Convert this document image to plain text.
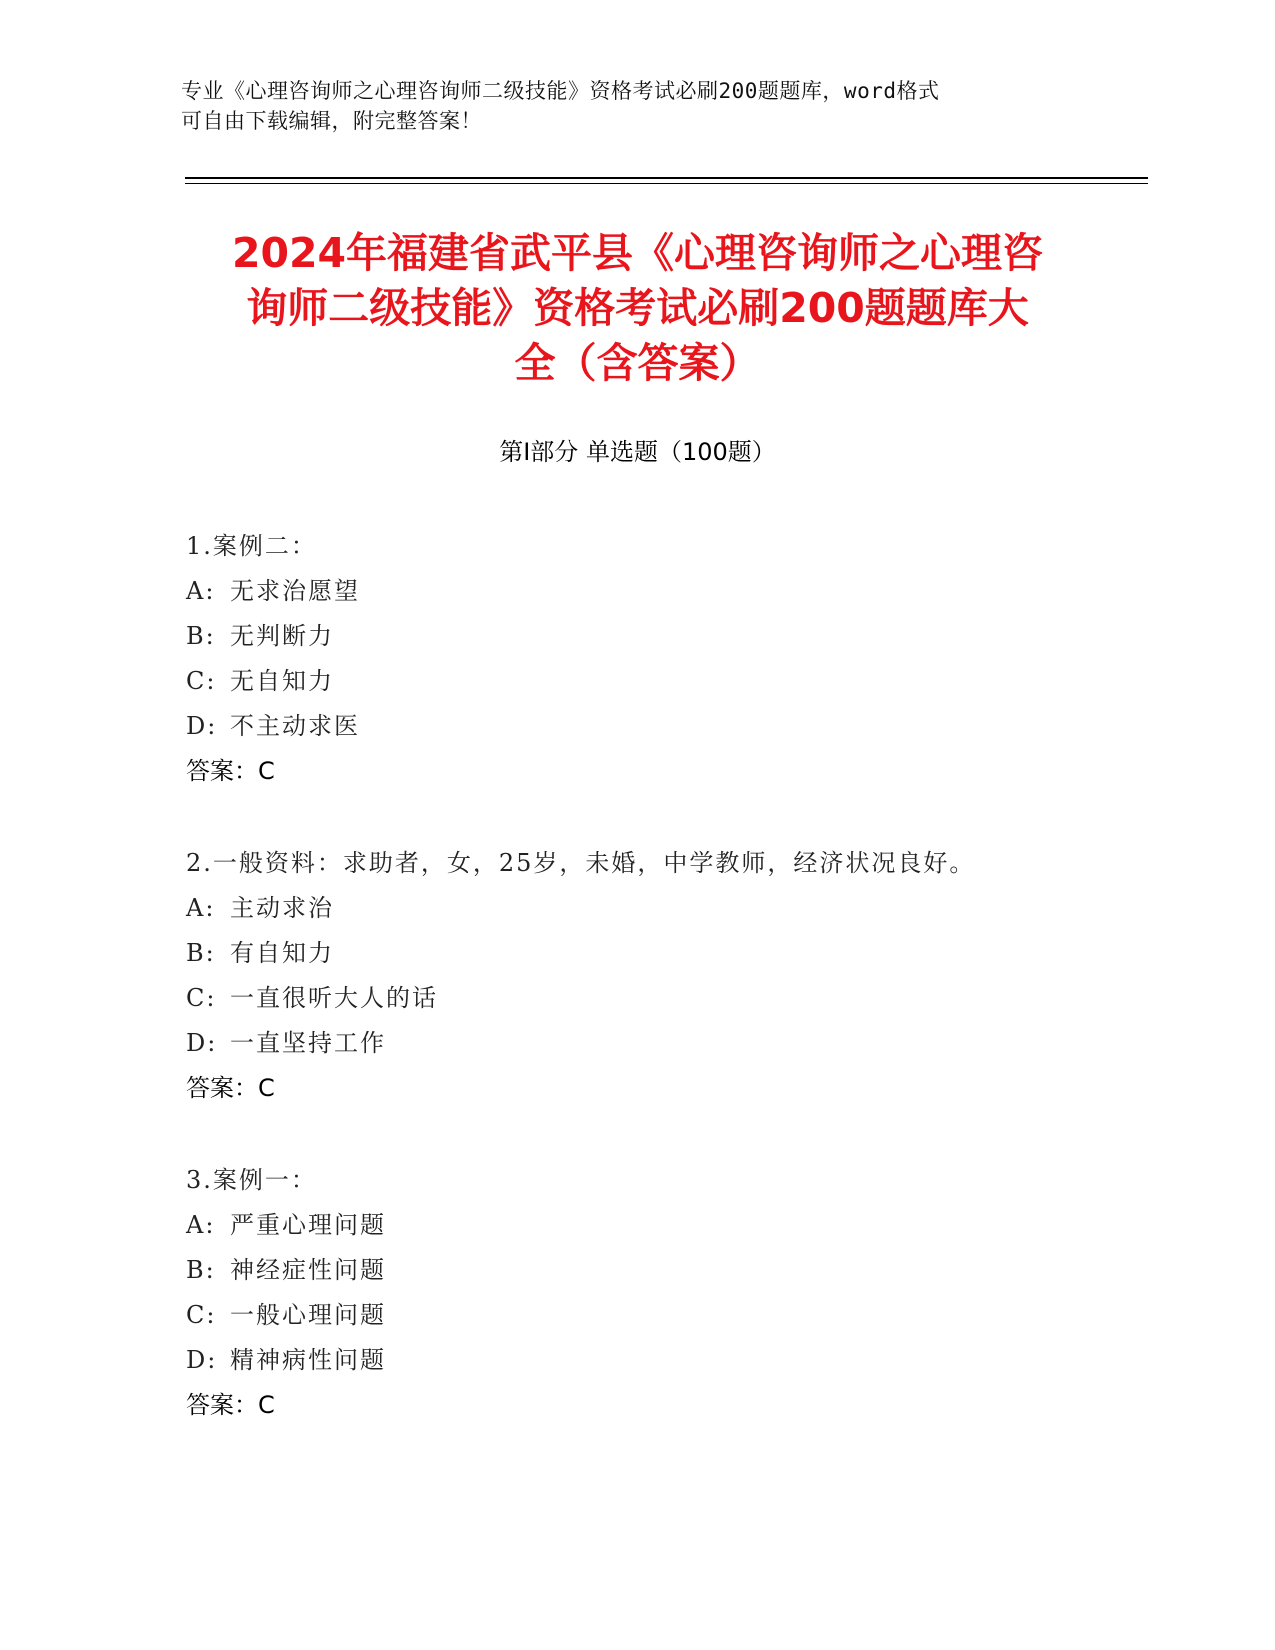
专业《心理咨询师之心理咨询师二级技能》资格考试必刷200题题库，word格式
可自由下载编辑，附完整答案！
2024年福建省武平县《心理咨询师之心理咨
询师二级技能》资格考试必刷200题题库大
全（含答案）
第Ⅰ部分 单选题（100题）
1.案例二：
A: 无求治愿望
B: 无判断力
C: 无自知力
D: 不主动求医
答案：C
2.一般资料：求助者，女，25岁，未婚，中学教师，经济状况良好。
A: 主动求治
B: 有自知力
C: 一直很听大人的话
D: 一直坚持工作
答案：C
3.案例一：
A: 严重心理问题
B: 神经症性问题
C: 一般心理问题
D: 精神病性问题
答案：C
